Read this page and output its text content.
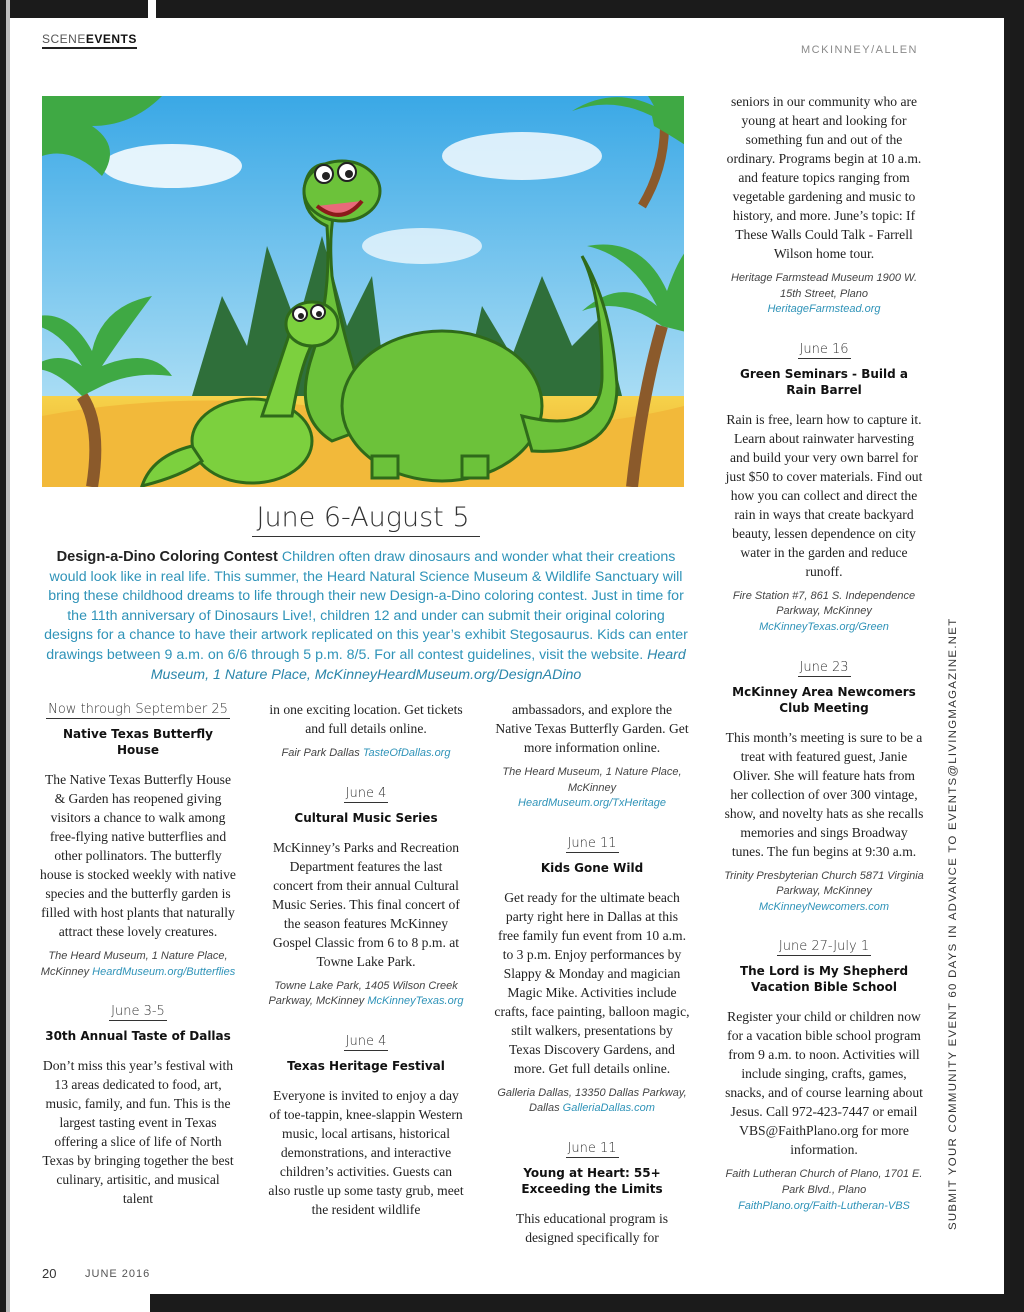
SCENEEVENTS
MCKINNEY/ALLEN
June 6-August 5
Design-a-Dino Coloring Contest Children often draw dinosaurs and wonder what their creations would look like in real life. This summer, the Heard Natural Science Museum & Wildlife Sanctuary will bring these childhood dreams to life through their new Design-a-Dino coloring contest. Just in time for the 11th anniversary of Dinosaurs Live!, children 12 and under can submit their original coloring designs for a chance to have their artwork replicated on this year’s exhibit Stegosaurus. Kids can enter drawings between 9 a.m. on 6/6 through 5 p.m. 8/5. For all contest guidelines, visit the website. Heard Museum, 1 Nature Place, McKinneyHeardMuseum.org/DesignADino
Now through September 25
Native Texas Butterfly House

The Native Texas Butterfly House & Garden has reopened giving visitors a chance to walk among free-flying native butterflies and other pollinators. The butterfly house is stocked weekly with native species and the butterfly garden is filled with host plants that naturally attract these lovely creatures.

The Heard Museum, 1 Nature Place, McKinney HeardMuseum.org/Butterflies
June 3-5
30th Annual Taste of Dallas

Don’t miss this year’s festival with 13 areas dedicated to food, art, music, family, and fun. This is the largest tasting event in Texas offering a slice of life of North Texas by bringing together the best culinary, artisitic, and musical talent

in one exciting location. Get tickets and full details online.

Fair Park Dallas TasteOfDallas.org
June 4
Cultural Music Series

McKinney’s Parks and Recreation Department features the last concert from their annual Cultural Music Series. This final concert of the season features McKinney Gospel Classic from 6 to 8 p.m. at Towne Lake Park.

Towne Lake Park, 1405 Wilson Creek Parkway, McKinney McKinneyTexas.org
June 4
Texas Heritage Festival

Everyone is invited to enjoy a day of toe-tappin, knee-slappin Western music, local artisans, historical demonstrations, and interactive children’s activities. Guests can also rustle up some tasty grub, meet the resident wildlife

ambassadors, and explore the Native Texas Butterfly Garden. Get more information online.

The Heard Museum, 1 Nature Place, McKinney HeardMuseum.org/TxHeritage
June 11
Kids Gone Wild

Get ready for the ultimate beach party right here in Dallas at this free family fun event from 10 a.m. to 3 p.m. Enjoy performances by Slappy & Monday and magician Magic Mike. Activities include crafts, face painting, balloon magic, stilt walkers, presentations by Texas Discovery Gardens, and more. Get full details online.

Galleria Dallas, 13350 Dallas Parkway, Dallas GalleriaDallas.com
June 11
Young at Heart: 55+ Exceeding the Limits

This educational program is designed specifically for

seniors in our community who are young at heart and looking for something fun and out of the ordinary. Programs begin at 10 a.m. and feature topics ranging from vegetable gardening and music to history, and more. June’s topic: If These Walls Could Talk - Farrell Wilson home tour.

Heritage Farmstead Museum 1900 W. 15th Street, Plano
HeritageFarmstead.org
June 16
Green Seminars - Build a Rain Barrel

Rain is free, learn how to capture it. Learn about rainwater harvesting and build your very own barrel for just $50 to cover materials. Find out how you can collect and direct the rain in ways that create backyard beauty, lessen dependence on city water in the garden and reduce runoff.

Fire Station #7, 861 S. Independence Parkway, McKinney
McKinneyTexas.org/Green
June 23
McKinney Area Newcomers Club Meeting

This month’s meeting is sure to be a treat with featured guest, Janie Oliver. She will feature hats from her collection of over 300 vintage, show, and novelty hats as she recalls memories and sings Broadway tunes. The fun begins at 9:30 a.m.

Trinity Presbyterian Church 5871 Virginia Parkway, McKinney
McKinneyNewcomers.com
June 27-July 1
The Lord is My Shepherd Vacation Bible School

Register your child or children now for a vacation bible school program from 9 a.m. to noon. Activities will include singing, crafts, games, snacks, and of course learning about Jesus. Call 972-423-7447 or email VBS@FaithPlano.org for more information.

Faith Lutheran Church of Plano, 1701 E. Park Blvd., Plano
FaithPlano.org/Faith-Lutheran-VBS	SUBMIT YOUR COMMUNITY EVENT 60 DAYS IN ADVANCE TO EVENTS@LIVINGMAGAZINE.NET
20	JUNE 2016
